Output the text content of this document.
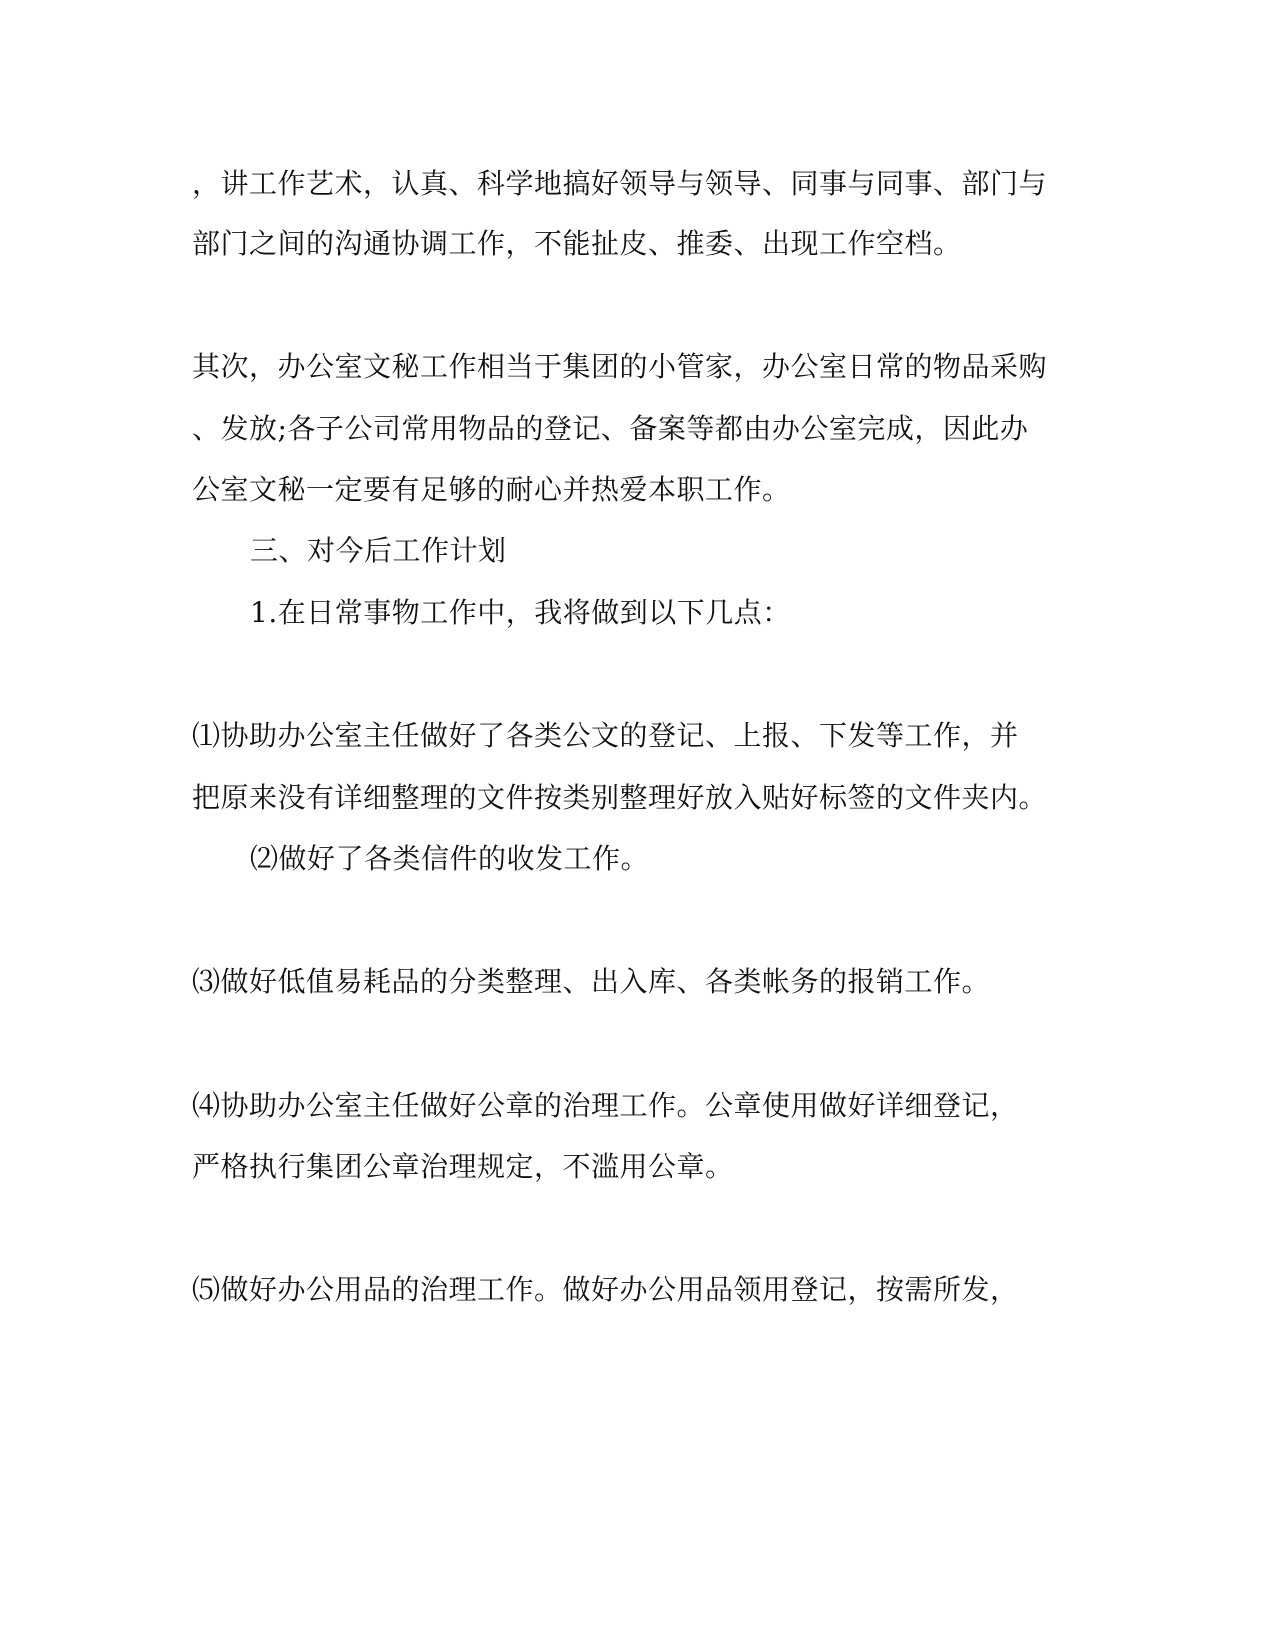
，讲工作艺术，认真、科学地搞好领导与领导、同事与同事、部门与
部门之间的沟通协调工作，不能扯皮、推委、出现工作空档。
其次，办公室文秘工作相当于集团的小管家，办公室日常的物品采购
、发放;各子公司常用物品的登记、备案等都由办公室完成，因此办
公室文秘一定要有足够的耐心并热爱本职工作。
三、对今后工作计划
1.在日常事物工作中，我将做到以下几点：
⑴协助办公室主任做好了各类公文的登记、上报、下发等工作，并
把原来没有详细整理的文件按类别整理好放入贴好标签的文件夹内。
⑵做好了各类信件的收发工作。
⑶做好低值易耗品的分类整理、出入库、各类帐务的报销工作。
⑷协助办公室主任做好公章的治理工作。公章使用做好详细登记，
严格执行集团公章治理规定，不滥用公章。
⑸做好办公用品的治理工作。做好办公用品领用登记，按需所发，
